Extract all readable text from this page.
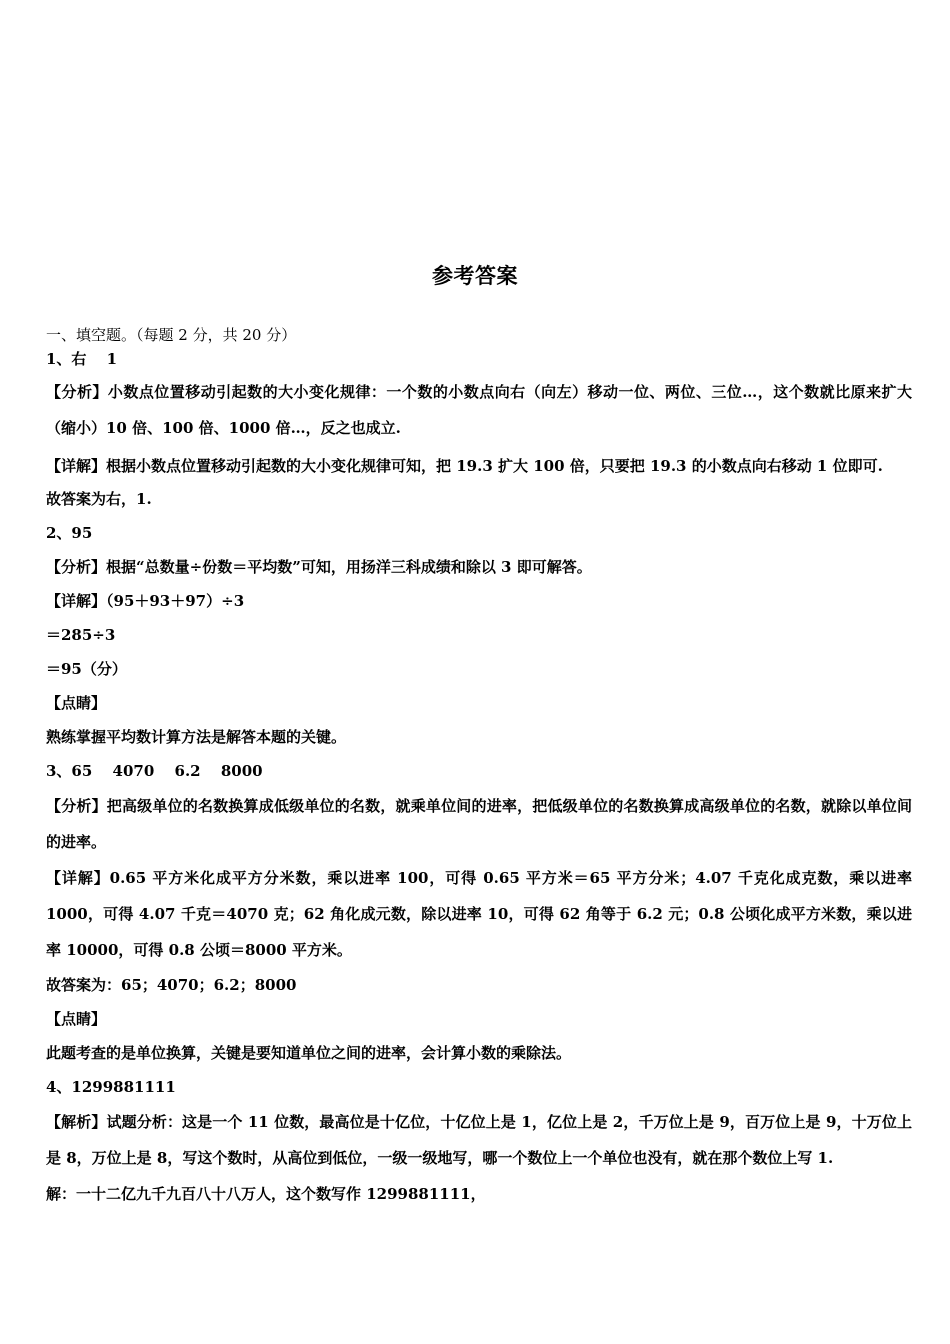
参考答案
一、填空题。（每题 2 分，共 20 分）
1、右　 1

【分析】小数点位置移动引起数的大小变化规律：一个数的小数点向右（向左）移动一位、两位、三位…，这个数就比原来扩大（缩小）10 倍、100 倍、1000 倍…，反之也成立.

【详解】根据小数点位置移动引起数的大小变化规律可知，把 19.3 扩大 100 倍，只要把 19.3 的小数点向右移动 1 位即可.
故答案为右，1.
2、95
【分析】根据“总数量÷份数＝平均数”可知，用扬洋三科成绩和除以 3 即可解答。
【详解】（95＋93＋97）÷3
＝285÷3
＝95（分）
【点睛】
熟练掌握平均数计算方法是解答本题的关键。
3、65　 4070　 6.2　 8000

【分析】把高级单位的名数换算成低级单位的名数，就乘单位间的进率，把低级单位的名数换算成高级单位的名数，就除以单位间的进率。

【详解】0.65 平方米化成平方分米数，乘以进率 100，可得 0.65 平方米＝65 平方分米；4.07 千克化成克数，乘以进率 1000，可得 4.07 千克＝4070 克；62 角化成元数，除以进率 10，可得 62 角等于 6.2 元；0.8 公顷化成平方米数，乘以进率 10000，可得 0.8 公顷＝8000 平方米。

故答案为：65；4070；6.2；8000
【点睛】
此题考查的是单位换算，关键是要知道单位之间的进率，会计算小数的乘除法。
4、1299881111

【解析】试题分析：这是一个 11 位数，最高位是十亿位，十亿位上是 1，亿位上是 2，千万位上是 9，百万位上是 9，十万位上是 8，万位上是 8，写这个数时，从高位到低位，一级一级地写，哪一个数位上一个单位也没有，就在那个数位上写 1.

解：一十二亿九千九百八十八万人，这个数写作 1299881111，
